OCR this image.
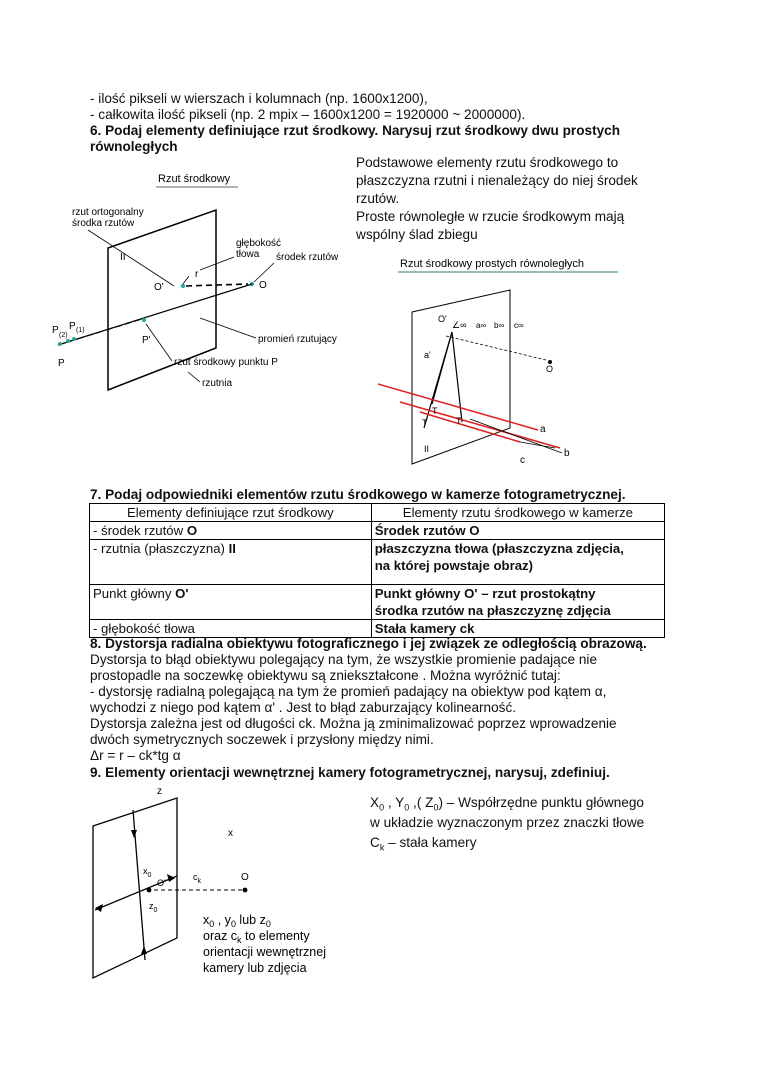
- ilość pikseli w wierszach i kolumnach (np. 1600x1200),
- całkowita ilość pikseli (np. 2 mpix – 1600x1200 = 1920000 ~ 2000000).
6. Podaj elementy definiujące rzut środkowy. Narysuj rzut środkowy dwu prostych
równoległych
Podstawowe elementy rzutu środkowego to
płaszczyzna rzutni i nienależący do niej środek
rzutów.
Proste równoległe w rzucie środkowym mają
wspólny ślad zbiegu
Rzut środkowy
rzut ortogonalny
środka rzutów
głębokość
tłowa środek rzutów
II
r
O'	O
P (2)
P (1)
P
P'	promień rzutujący
rzut środkowy punktu P
rzutnia
Rzut środkowy prostych równoległych
O'
∠∞ a∞ b∞ c∞
a'
O
T
T	T
II
a
b
c
7. Podaj odpowiedniki elementów rzutu środkowego w kamerze fotogrametrycznej.
Elementy definiujące rzut środkowy	Elementy rzutu środkowego w kamerze
- środek rzutów O	Środek rzutów O

- rzutnia (płaszczyzna) II	płaszczyzna tłowa (płaszczyzna zdjęcia,
na której powstaje obraz)

Punkt główny O'	Punkt główny O' – rzut prostokątny
środka rzutów na płaszczyznę zdjęcia

- głębokość tłowa	Stała kamery ck
8. Dystorsja radialna obiektywu fotograficznego i jej związek ze odległością obrazową.
Dystorsja to błąd obiektywu polegający na tym, że wszystkie promienie padające nie
prostopadle na soczewkę obiektywu są zniekształcone . Można wyróżnić tutaj:
- dystorsję radialną polegającą na tym że promień padający na obiektyw pod kątem α,
wychodzi z niego pod kątem α' . Jest to błąd zaburzający kolinearność.
Dystorsja zależna jest od długości ck. Można ją zminimalizować poprzez wprowadzenie
dwóch symetrycznych soczewek i przysłony między nimi.
Δr = r – ck*tg α
9. Elementy orientacji wewnętrznej kamery fotogrametrycznej, narysuj, zdefiniuj.
$X_0$ , $Y_0$ ,( $Z_0$) – Współrzędne punktu głównego
w układzie wyznaczonym przez znaczki tłowe
$C_k$ – stała kamery
z
x
$x_0$
O'
$c_k$	O
$z_0$
$x_0$ , $y_0$ lub $z_0$
oraz $c_k$ to elementy
orientacji wewnętrznej
kamery lub zdjęcia
